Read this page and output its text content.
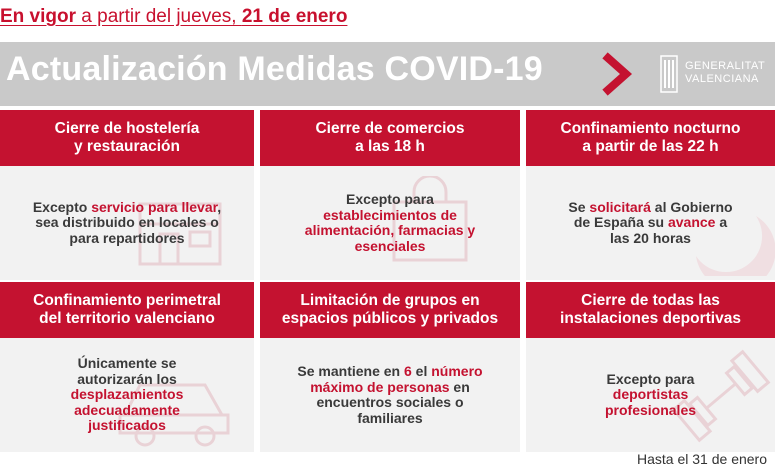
En vigor a partir del jueves, 21 de enero
Actualización Medidas COVID-19	GENERALITAT
VALENCIANA
Cierre de hostelería
y restauración
Excepto servicio para llevar, sea distribuido en locales o para repartidores
Cierre de comercios
a las 18 h
Excepto para establecimientos de alimentación, farmacias y esenciales
Confinamiento nocturno
a partir de las 22 h
Se solicitará al Gobierno de España su avance a las 20 horas
Confinamiento perimetral
del territorio valenciano
Únicamente se autorizarán los desplazamientos adecuadamente justificados
Limitación de grupos en
espacios públicos y privados
Se mantiene en 6 el número máximo de personas en encuentros sociales o familiares
Cierre de todas las
instalaciones deportivas
Excepto para deportistas profesionales
Hasta el 31 de enero
